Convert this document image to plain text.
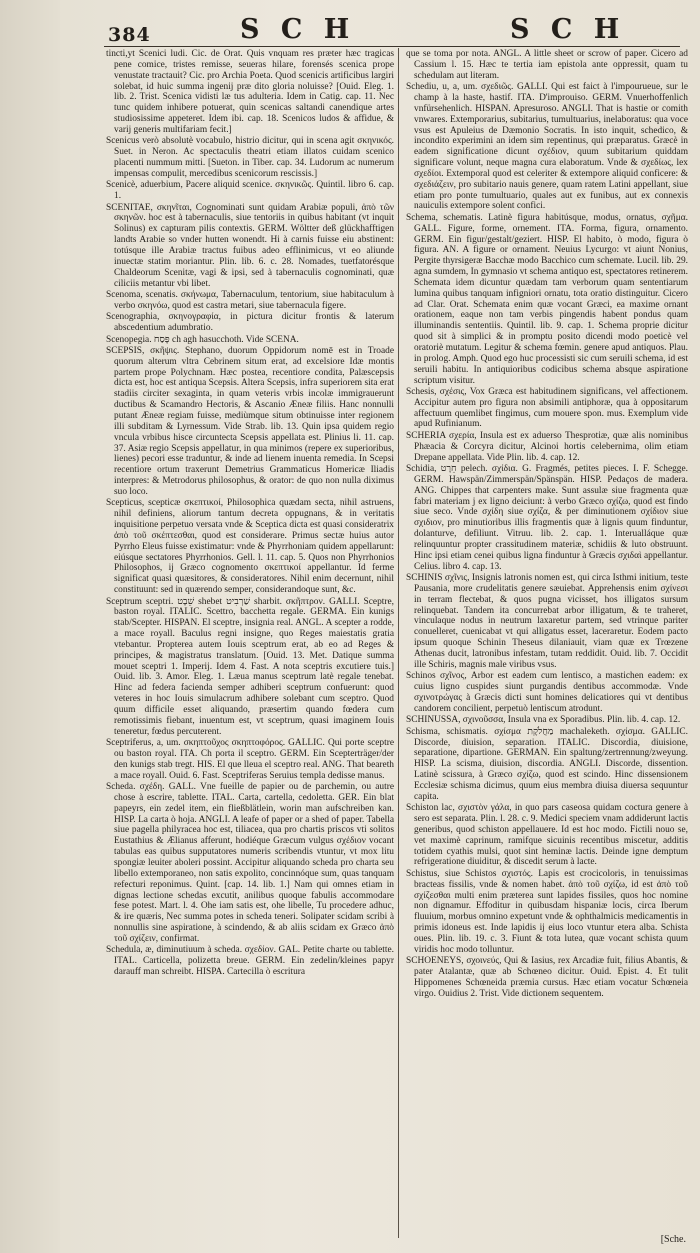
384	S C H	S C H

tincti,yt Scenici ludi. Cic. de Orat. Quis vnquam res præter hæc tragicas pene comice, tristes remisse, seueras hilare, forensés scenica prope venustate tractauit? Cic. pro Archia Poeta. Quod scenicis artificibus largiri solebat, id huic summa ingenij præ dito gloria noluisse? [Ouid. Eleg. 1. lib. 2. Trist. Scenica vidisti læ tus adulteria. Idem in Catig. cap. 11. Nec tunc quidem inhibere potuerat, quin scenicas saltandi canendique artes studiosissime appeteret. Idem ibi. cap. 18. Scenicos ludos & affidue, & varij generis multifariam fecit.]

Scenicus verò absolutè vocabulo, histrio dicitur, qui in scena agit σκηνικός. Suet. in Neron. Ac spectaculis theatri etiam illatos cuidam scenico placenti nummum mitti. [Sueton. in Tiber. cap. 34. Ludorum ac numerum impensas compulit, mercedibus scenicorum rescissis.]

Scenicè, aduerbium, Pacere aliquid scenice. σκηνικῶς. Quintil. libro 6. cap. 1.

SCENITAE, σκηνῖται, Cognominati sunt quidam Arabiæ populi, ἀπὸ τῶν σκηνῶν. hoc est à tabernaculis, siue tentoriis in quibus habitant (vt inquit Solinus) ex capturam pilis contextis. GERM. Wöltter deß glückhafftigen landts Arabie so vnder hutten wonendt. Hi à carnis fuisse eiu abstinent: totúsque ille Arabiæ tractus fuibus adeo efflinimicus, vt eo aliunde inuectæ statim moriantur. Plin. lib. 6. c. 28. Nomades, tuetfatorésque Chaldeorum Scenitæ, vagi & ipsi, sed à tabernaculis cognominati, quæ ciliciis metantur vbi libet.

Scenoma, scenatis. σκήνωμα, Tabernaculum, tentorium, siue habitaculum à verbo σκηνόω, quod est castra metari, siue tabernacula figere.

Scenographia, σκηνογραφία, in pictura dicitur frontis & laterum abscedentium adumbratio.

Scenopegia. פֶּסַח ch agh hasucchoth. Vide SCENA.

SCEPSIS, σκῆψις. Stephano, duorum Oppidorum nomē est in Troade quorum alterum vltra Cebrinem situm erat, ad excelsiore Idæ montis partem prope Polychnam. Hæc postea, recentiore condita, Palæscepsis dicta est, hoc est antiqua Scepsis. Altera Scepsis, infra superiorem sita erat stadiis circiter sexaginta, in quam veteris vrbis incolæ immigrauerunt ductibus & Scamandro Hectoris, & Ascanio Æneæ filiis. Hanc nonnulli putant Æneæ regiam fuisse, mediùmque situm obtinuisse inter regionem illi subditam & Lyrnessum. Vide Strab. lib. 13. Quin ipsa quidem regio vncula vrbibus hisce circuntecta Scepsis appellata est. Plinius li. 11. cap. 37. Asiæ regio Scepsis appellatur, in qua minimos (repere ex superioribus, lienes) pecori esse traduntur, & inde ad lienem inuenta remedia. In Scepsi recentiore ortum traxerunt Demetrius Grammaticus Homericæ Iliadis interpres: & Metrodorus philosophus, & orator: de quo non nulla diximus suo loco.

Scepticus, scepticæ σκεπτικοί, Philosophica quædam secta, nihil astruens, nihil definiens, aliorum tantum decreta oppugnans, & in veritatis inquisitione perpetuo versata vnde & Sceptica dicta est quasi consideratrix ἀπὸ τοῦ σκέπτεσθαι, quod est considerare. Primus sectæ huius autor Pyrrho Eleus fuisse existimatur: vnde & Phyrrhoniam quidem appellarunt: eiúsque sectatores Phyrrhonios. Gell. l. 11. cap. 5. Quos non Phyrrhonios Philosophos, ij Græco cognomento σκεπτικοί appellantur. Id ferme significat quasi quæsitores, & consideratores. Nihil enim decernunt, nihil constituunt: sed in quærendo semper, considerandoque sunt, &c.

Sceptrum sceptri. שֵׁבֶט shebet שַׁרְבִיט sharbit. σκῆπτρον. GALLI. Sceptre, baston royal. ITALIC. Scettro, bacchetta regale. GERMA. Ein kunigs stab/Scepter. HISPAN. El sceptre, insignia real. ANGL. A scepter a rodde, a mace royall. Baculus regni insigne, quo Reges maiestatis gratia vtebantur. Propterea autem Iouis sceptrum erat, ab eo ad Reges & principes, & magistratus translatum. [Ouid. 13. Met. Datique summa mouet sceptri 1. Imperij. Idem 4. Fast. A nota sceptris excutiere tuis.] Ouid. lib. 3. Amor. Eleg. 1. Læua manus sceptrum latè regale tenebat. Hinc ad federa facienda semper adhiberi sceptrum confuerunt: quod veteres in hoc Iouis simulacrum adhibere solebant cum sceptro. Quod quum difficile esset aliquando, præsertim quando fœdera cum remotissimis fiebant, inuentum est, vt sceptrum, quasi imaginem Iouis teneretur, fœdus percuterent.

Sceptriferus, a, um. σκηπτοῦχος σκηπτοφόρος. GALLIC. Qui porte sceptre ou baston royal. ITA. Ch porta il sceptro. GERM. Ein Scepterträger/der den kunigs stab tregt. HIS. El que lleua el sceptro real. ANG. That beareth a mace royall. Ouid. 6. Fast. Sceptriferas Seruius templa dedisse manus.

Scheda. σχέδη. GALL. Vne fueille de papier ou de parchemin, ou autre chose à escrire, tablette. ITAL. Carta, cartella, cedoletta. GER. Ein blat papeyrs, ein zedel item, ein fließblätlein, worin man aufschreiben kan. HISP. La carta ò hoja. ANGLI. A leafe of paper or a shed of paper. Tabella siue pagella philyracea hoc est, tiliacea, qua pro chartis priscos vti solitos Eustathius & Ælianus afferunt, hodiéque Græcum vulgus σχέδιον vocant tabulas eas quibus supputatores numeris scribendis vtuntur, vt mox litu spongiæ leuiter aboleri possint. Accipitur aliquando scheda pro charta seu libello extemporaneo, non satis expolito, concinnóque sum, quas tanquam refecturi reponimus. Quint. [cap. 14. lib. 1.] Nam qui omnes etiam in dignas lectione schedas excutit, anilibus quoque fabulis accommodare fese potest. Mart. l. 4. Ohe iam satis est, ohe libelle, Tu procedere adhuc, & ire quæris, Nec summa potes in scheda teneri. Solipater scidam scribi à nonnullis sine aspiratione, à scindendo, & ab aliis scidam ex Græco ἀπὸ τοῦ σχίζειν, confirmat.

Schedula, æ, diminutiuum à scheda. σχεδίον. GAL. Petite charte ou tablette. ITAL. Carticella, polizetta breue. GERM. Ein zedelin/kleines papyr darauff man schreibt. HISPA. Cartecilla ò escritura

que se toma por nota. ANGL. A little sheet or scrow of paper. Cicero ad Cassium l. 15. Hæc te tertia iam epistola ante oppressit, quam tu schedulam aut literam.

Schediu, u, a, um. σχεδιῶς. GALLI. Qui est faict à l'impourueue, sur le champ à la haste, hastif. ITA. D'improuiso. GERM. Vnuerhoffenlich vnfürsehenlich. HISPAN. Apresuroso. ANGLI. That is hastie or comith vnwares. Extemporarius, subitarius, tumultuarius, inelaboratus: qua voce vsus est Apuleius de Dæmonio Socratis. In isto inquit, schedico, & incondito experimini an idem sim repentinus, qui præparatus. Græcè in eadem significatione dicunt σχέδιον, quum subitarium quiddam significare volunt, neque magna cura elaboratum. Vnde & σχεδίως, lex σχεδίοι. Extemporal quod est celeriter & extempore aliquid conficere: & σχεδιάζειν, pro subitario nauis genere, quam ratem Latini appellant, siue etiam pro ponte tumultuario, quales aut ex funibus, aut ex connexis nauiculis extempore solent confici.

Schema, schematis. Latinè figura habitúsque, modus, ornatus, σχῆμα. GALL. Figure, forme, ornement. ITA. Forma, figura, ornamento. GERM. Ein figur/gestalt/geziert. HISP. El habito, ò modo, figura ò figura. AN. A figure or ornament. Neuius Lycurgo: vt aiunt Nonius, Pergite thyrsigeræ Bacchæ modo Bacchico cum schemate. Lucil. lib. 29. agna sumdem, In gymnasio vt schema antiquo est, spectatores retinerem. Schemata idem dicuntur quædam tam verborum quam sententiarum lumina quibus tanquam infigniori ornatu, tota oratio distinguitur. Cicero ad Clar. Orat. Schemata enim quæ vocant Græci, ea maxime ornant orationem, eaque non tam verbis pingendis habent pondus quam illuminandis sententiis. Quintil. lib. 9. cap. 1. Schema proprie dicitur quod sit à simplici & in promptu posito dicendi modo poeticè vel oratoriè mutatum. Legitur & schema fœmin. genere apud antiquos. Plau. in prolog. Amph. Quod ego huc processisti sic cum seruili schema, id est seruili habitu. In antiquioribus codicibus schema absque aspiratione scriptum visitur.

Schesis, σχέσις, Vox Græca est habitudinem significans, vel affectionem. Accipitur autem pro figura non absimili antiphoræ, qua à oppositarum affectuum quemlibet fingimus, cum mouere spon. mus. Exemplum vide apud Rufinianum.

SCHERIA σχερία, Insula est ex aduerso Thesprotiæ, quæ alis nominibus Phæacia & Corcyra dicitur, Alcinoi hortis celebernima, olim etiam Drepane appellata. Vide Plin. lib. 4. cap. 12.

Schidia, חֵרֶט pelech. σχίδια. G. Fragmés, petites pieces. I. F. Schegge. GERM. Hawspän/Zimmerspän/Spänspän. HISP. Pedaços de madera. ANG. Chippes that carpenters make. Sunt assulæ siue fragmenta quæ fabri materiam j ex ligno deiciunt: à verbo Græco σχίζω, quod est findo siue seco. Vnde σχίδη siue σχίζα, & per diminutionem σχίδιον siue σχιδιον, pro minutioribus illis fragmentis quæ à lignis quum finduntur, dolanturve, defiliunt. Vitruu. lib. 2. cap. 1. Interualláque quæ relinquuntur propter crassitudinem materiæ, schidiis & luto obstruunt. Hinc ipsi etiam cenei quibus ligna finduntur à Græcis σχιδαὶ appellantur. Celius. libro 4. cap. 13.

SCHINIS σχῖνις, Insignis latronis nomen est, qui circa Isthmi initium, teste Pausania, more crudelitatis genere sæuiebat. Apprehensis enim σχίνεσι in terram flectebat, & quos pugna vicisset, hos illigatos sursum relinquebat. Tandem ita concurrebat arbor illigatum, & te traheret, vinculaque nodus in neutrum laxaretur partem, sed vtrinque pariter conuelleret, cuenicabat vt qui alligatus esset, laceraretur. Eodem pacto ipsum quoque Schinin Theseus dilaniauit, viam quæ ex Trœzene Athenas ducit, latronibus infestam, tutam reddidit. Ouid. lib. 7. Occidit ille Schiris, magnis male viribus vsus.

Schinos σχῖνος, Arbor est eadem cum lentisco, a mastichen eadem: ex cuius ligno cuspides siunt purgandis dentibus accommodæ. Vnde σχινοτρώγας à Græcis dicti sunt homines delicatiores qui vt dentibus candorem concilient, perpetuò lentiscum atrodunt.

SCHINUSSA, σχινοῦσσα, Insula vna ex Sporadibus. Plin. lib. 4. cap. 12.

Schisma, schismatis. σχίσμα מַחֲלֹקֶת machaleketh. σχίσμα. GALLIC. Discorde, diuision, separation. ITALIC. Discordia, diuisione, separatione, dipartione. GERMAN. Ein spaltung/zertrennung/zweyung. HISP. La scisma, diuision, discordia. ANGLI. Discorde, dissention. Latinè scissura, à Græco σχίζω, quod est scindo. Hinc dissensionem Ecclesiæ schisma dicimus, quum eius membra diuisa diuersa sequuntur capita.

Schiston lac, σχιστὸν γάλα, in quo pars caseosa quidam coctura genere à sero est separata. Plin. l. 28. c. 9. Medici speciem vnam addiderunt lactis generibus, quod schiston appellauere. Id est hoc modo. Fictili nouo se, vet maximè caprinum, ramifque sicuinis recentibus miscetur, additis totidem cyathis mulsi, quot sint heminæ lactis. Deinde igne demptum refrigeratione diuiditur, & discedit serum à lacte.

Schistus, siue Schistos σχιστός. Lapis est crocicoloris, in tenuissimas bracteas fissilis, vnde & nomen habet. ἀπὸ τοῦ σχίζω, id est ἀπὸ τοῦ σχίζεσθαι multi enim præterea sunt lapides fissiles, quos hoc nomine non dignamur. Effoditur in quibusdam hispaniæ locis, circa Iberum fluuium, morbus omnino expetunt vnde & ophthalmicis medicamentis in primis idoneus est. Inde lapidis ij eius loco vtuntur etera alba. Schista oues. Plin. lib. 19. c. 3. Fiunt & tota lutea, quæ vocant schista quum viridis hoc modo tolluntur.

SCHOENEYS, σχοινεύς, Qui & Iasius, rex Arcadiæ fuit, filius Abantis, & pater Atalantæ, quæ ab Schœneo dicitur. Ouid. Epist. 4. Et tulit Hippomenes Schœneida præmia cursus. Hæc etiam vocatur Schœneia virgo. Ouidius 2. Trist. Vide dictionem sequentem.

[Sche.
